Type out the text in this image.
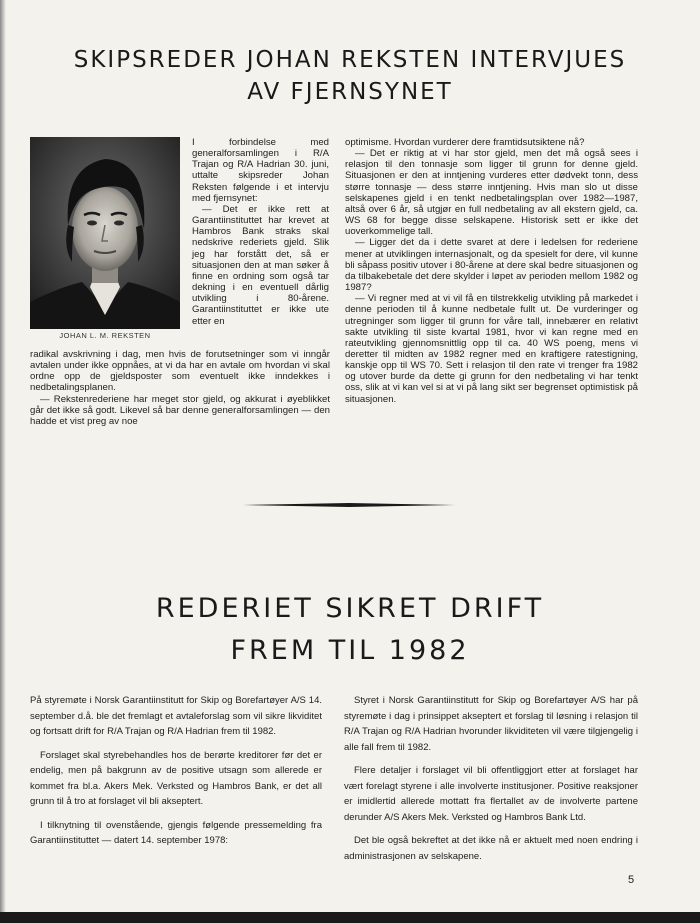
SKIPSREDER JOHAN REKSTEN INTERVJUES
AV FJERNSYNET
JOHAN L. M. REKSTEN

I forbindelse med generalforsamlingen i R/A Trajan og R/A Hadrian 30. juni, uttalte skipsreder Johan Reksten følgende i et intervju med fjernsynet:

— Det er ikke rett at Garantiinstituttet har krevet at Hambros Bank straks skal nedskrive rederiets gjeld. Slik jeg har forstått det, så er situasjonen den at man søker å finne en ordning som også tar dekning i en eventuell dårlig utvikling i 80-årene. Garantiinstituttet er ikke ute etter en

radikal avskrivning i dag, men hvis de forutsetninger som vi inngår avtalen under ikke oppnåes, at vi da har en avtale om hvordan vi skal ordne opp de gjeldsposter som eventuelt ikke inndekkes i nedbetalingsplanen.

— Rekstenrederiene har meget stor gjeld, og akkurat i øyeblikket går det ikke så godt. Likevel så bar denne generalforsamlingen — den hadde et vist preg av noe

optimisme. Hvordan vurderer dere framtidsutsiktene nå?

— Det er riktig at vi har stor gjeld, men det må også sees i relasjon til den tonnasje som ligger til grunn for denne gjeld. Situasjonen er den at inntjening vurderes etter dødvekt tonn, dess større tonnasje — dess større inntjening. Hvis man slo ut disse selskapenes gjeld i en tenkt nedbetalingsplan over 1982—1987, altså over 6 år, så utgjør en full nedbetaling av all ekstern gjeld, ca. WS 68 for begge disse selskapene. Historisk sett er ikke det uoverkommelige tall.

— Ligger det da i dette svaret at dere i ledelsen for rederiene mener at utviklingen internasjonalt, og da spesielt for dere, vil kunne bli såpass positiv utover i 80-årene at dere skal bedre situasjonen og da tilbakebetale det dere skylder i løpet av perioden mellom 1982 og 1987?

— Vi regner med at vi vil få en tilstrekkelig utvikling på markedet i denne perioden til å kunne nedbetale fullt ut. De vurderinger og utregninger som ligger til grunn for våre tall, innebærer en relativt sakte utvikling til siste kvartal 1981, hvor vi kan regne med en rateutvikling gjennomsnittlig opp til ca. 40 WS poeng, mens vi deretter til midten av 1982 regner med en kraftigere ratestigning, kanskje opp til WS 70. Sett i relasjon til den rate vi trenger fra 1982 og utover burde da dette gi grunn for den nedbetaling vi har tenkt oss, slik at vi kan vel si at vi på lang sikt ser begrenset optimistisk på situasjonen.

REDERIET SIKRET DRIFT
FREM TIL 1982

På styremøte i Norsk Garantiinstitutt for Skip og Borefartøyer A/S 14. september d.å. ble det fremlagt et avtaleforslag som vil sikre likviditet og fortsatt drift for R/A Trajan og R/A Hadrian frem til 1982.

Forslaget skal styrebehandles hos de berørte kreditorer før det er endelig, men på bakgrunn av de positive utsagn som allerede er kommet fra bl.a. Akers Mek. Verksted og Hambros Bank, er det all grunn til å tro at forslaget vil bli akseptert.

I tilknytning til ovenstående, gjengis følgende pressemelding fra Garantiinstituttet — datert 14. september 1978:

Styret i Norsk Garantiinstitutt for Skip og Borefartøyer A/S har på styremøte i dag i prinsippet akseptert et forslag til løsning i relasjon til R/A Trajan og R/A Hadrian hvorunder likviditeten vil være tilgjengelig i alle fall frem til 1982.

Flere detaljer i forslaget vil bli offentliggjort etter at forslaget har vært forelagt styrene i alle involverte institusjoner. Positive reaksjoner er imidlertid allerede mottatt fra flertallet av de involverte partene derunder A/S Akers Mek. Verksted og Hambros Bank Ltd.

Det ble også bekreftet at det ikke nå er aktuelt med noen endring i administrasjonen av selskapene.

5
